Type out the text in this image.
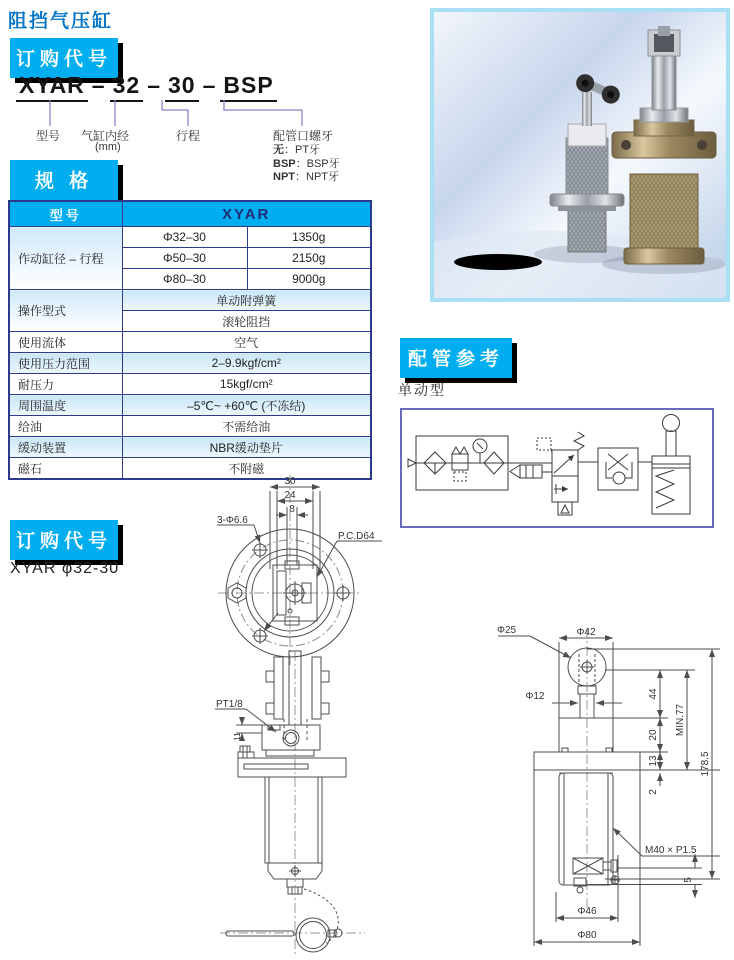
阻挡气压缸
订购代号
XYAR – 32 – 30 – BSP
型号 气缸内经
(mm)
行程	配管口螺牙
无：PT牙
BSP：BSP牙
NPT：NPT牙
规 格
型号	XYAR	
作动缸径 – 行程	Φ32–30	1350g
	Φ50–30	2150g
	Φ80–30	9000g
操作型式	单动附弹簧	
	滚轮阻挡	
使用流体	空气	
使用压力范围	2–9.9kgf/cm²	
耐压力	15kgf/cm²	
周围温度	–5℃~ +60℃ (不冻结)	
给油	不需给油	
缓动装置	NBR缓动垫片	
磁石	不附磁	
配管参考
单动型
订购代号
XYAR φ32-30
3-Φ6.6
P.C.D64
30
24
8
PT1/8
11
Φ25	Φ42
Φ12	44
20
13
2
MIN.77
178.5
M40 × P1.5
Φ46
Φ80
5
